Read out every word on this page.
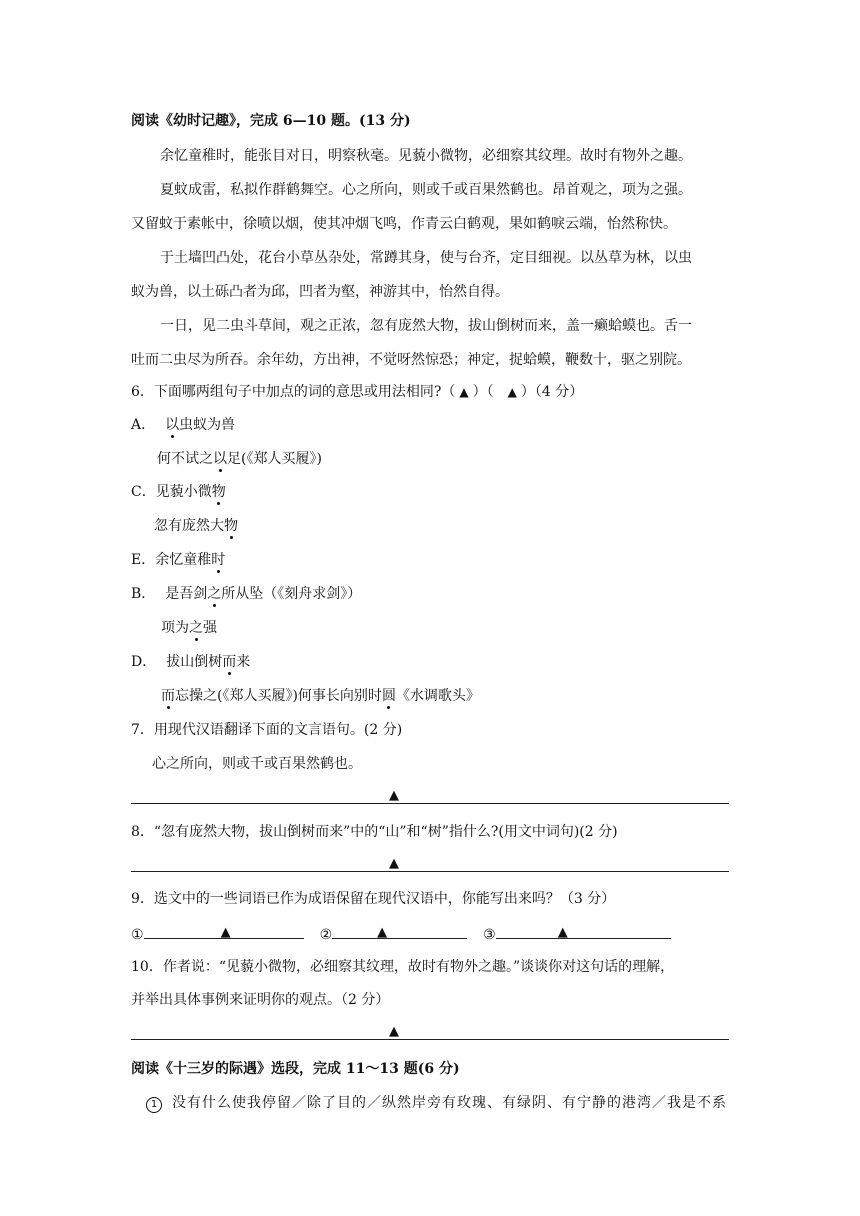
阅读《幼时记趣》，完成 6—10 题。(13 分)
余忆童稚时，能张目对日，明察秋毫。见藐小微物，必细察其纹理。故时有物外之趣。
夏蚊成雷，私拟作群鹤舞空。心之所向，则或千或百果然鹤也。昂首观之，项为之强。
又留蚊于素帐中，徐喷以烟，使其冲烟飞鸣，作青云白鹤观，果如鹤唳云端，怡然称快。
于土墙凹凸处，花台小草丛杂处，常蹲其身，使与台齐，定目细视。以丛草为林，以虫
蚁为兽，以土砾凸者为邱，凹者为壑，神游其中，怡然自得。
一日，见二虫斗草间，观之正浓，忽有庞然大物，拔山倒树而来，盖一癞蛤蟆也。舌一
吐而二虫尽为所吞。余年幼，方出神，不觉呀然惊恐；神定，捉蛤蟆，鞭数十，驱之别院。
6．下面哪两组句子中加点的词的意思或用法相同?（ ▲ ）（ ▲ ）（4 分）
A． 以虫蚁为兽
何不试之以足(《郑人买履》)
C．见藐小微物
忽有庞然大物
E．余忆童稚时
B． 是吾剑之所从坠（《刻舟求剑》）
项为之强
D． 拔山倒树而来
而忘操之(《郑人买履》)何事长向别时圆《水调歌头》
7．用现代汉语翻译下面的文言语句。(2 分)
心之所向，则或千或百果然鹤也。
▲
8．“忽有庞然大物，拔山倒树而来”中的“山”和“树”指什么?(用文中词句)(2 分)
▲
9．选文中的一些词语已作为成语保留在现代汉语中，你能写出来吗？（3 分）
①	▲	②	▲	③	▲
10．作者说：“见藐小微物，必细察其纹理，故时有物外之趣。”谈谈你对这句话的理解，
并举出具体事例来证明你的观点。（2 分）
▲
阅读《十三岁的际遇》选段，完成 11～13 题(6 分)
1 没有什么使我停留／除了目的／纵然岸旁有玫瑰、有绿阴、有宁静的港湾／我是不系
